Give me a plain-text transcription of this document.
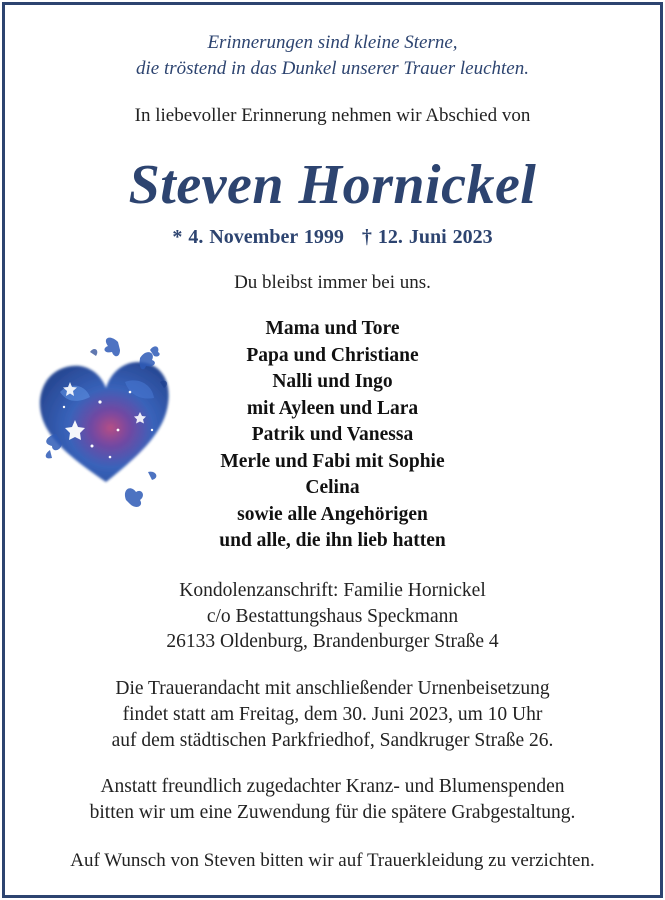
Erinnerungen sind kleine Sterne,
die tröstend in das Dunkel unserer Trauer leuchten.
In liebevoller Erinnerung nehmen wir Abschied von
Steven Hornickel
* 4. November 1999 † 12. Juni 2023
Du bleibst immer bei uns.
Mama und Tore
Papa und Christiane
Nalli und Ingo
mit Ayleen und Lara
Patrik und Vanessa
Merle und Fabi mit Sophie
Celina
sowie alle Angehörigen
und alle, die ihn lieb hatten
Kondolenzanschrift: Familie Hornickel
c/o Bestattungshaus Speckmann
26133 Oldenburg, Brandenburger Straße 4
Die Trauerandacht mit anschließender Urnenbeisetzung
findet statt am Freitag, dem 30. Juni 2023, um 10 Uhr
auf dem städtischen Parkfriedhof, Sandkruger Straße 26.
Anstatt freundlich zugedachter Kranz- und Blumenspenden
bitten wir um eine Zuwendung für die spätere Grabgestaltung.
Auf Wunsch von Steven bitten wir auf Trauerkleidung zu verzichten.
